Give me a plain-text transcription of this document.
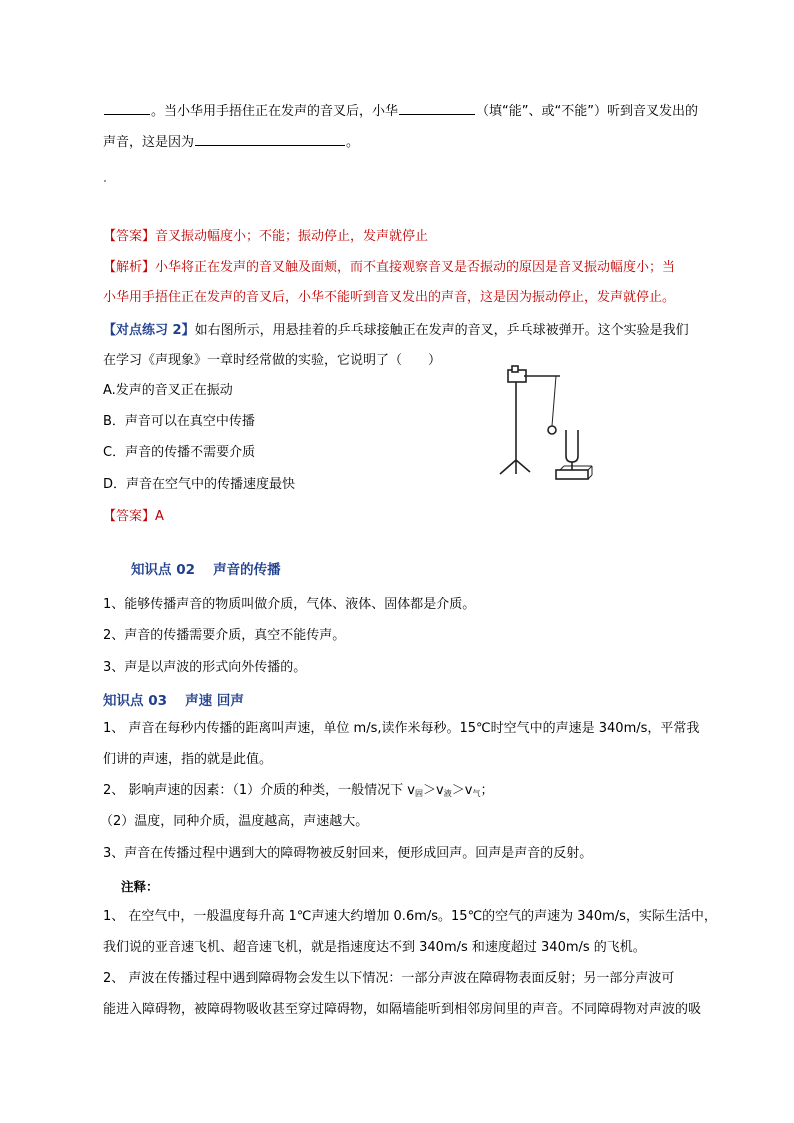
。当小华用手捂住正在发声的音叉后，小华	（填“能”、或“不能”）听到音叉发出的
声音，这是因为	。
【答案】音叉振动幅度小；不能；振动停止，发声就停止
【解析】小华将正在发声的音叉触及面颊，而不直接观察音叉是否振动的原因是音叉振动幅度小；当
小华用手捂住正在发声的音叉后，小华不能听到音叉发出的声音，这是因为振动停止，发声就停止。
【对点练习 2】如右图所示，用悬挂着的乒乓球接触正在发声的音叉，乒乓球被弹开。这个实验是我们
在学习《声现象》一章时经常做的实验，它说明了（　　）
A.发声的音叉正在振动
B．声音可以在真空中传播
C．声音的传播不需要介质
D．声音在空气中的传播速度最快
【答案】A
知识点 02　 声音的传播
1、能够传播声音的物质叫做介质，气体、液体、固体都是介质。
2、声音的传播需要介质，真空不能传声。
3、声是以声波的形式向外传播的。
知识点 03　 声速 回声
1、 声音在每秒内传播的距离叫声速，单位 m/s,读作米每秒。15℃时空气中的声速是 340m/s，平常我
们讲的声速，指的就是此值。
2、 影响声速的因素：（1）介质的种类，一般情况下 $v_固>v_液>v_气$；
（2）温度，同种介质，温度越高，声速越大。
3、声音在传播过程中遇到大的障碍物被反射回来，便形成回声。回声是声音的反射。
注释：
1、 在空气中，一般温度每升高 1℃声速大约增加 0.6m/s。15℃的空气的声速为 340m/s，实际生活中，
我们说的亚音速飞机、超音速飞机，就是指速度达不到 340m/s 和速度超过 340m/s 的飞机。
2、 声波在传播过程中遇到障碍物会发生以下情况：一部分声波在障碍物表面反射；另一部分声波可
能进入障碍物，被障碍物吸收甚至穿过障碍物，如隔墙能听到相邻房间里的声音。不同障碍物对声波的吸
